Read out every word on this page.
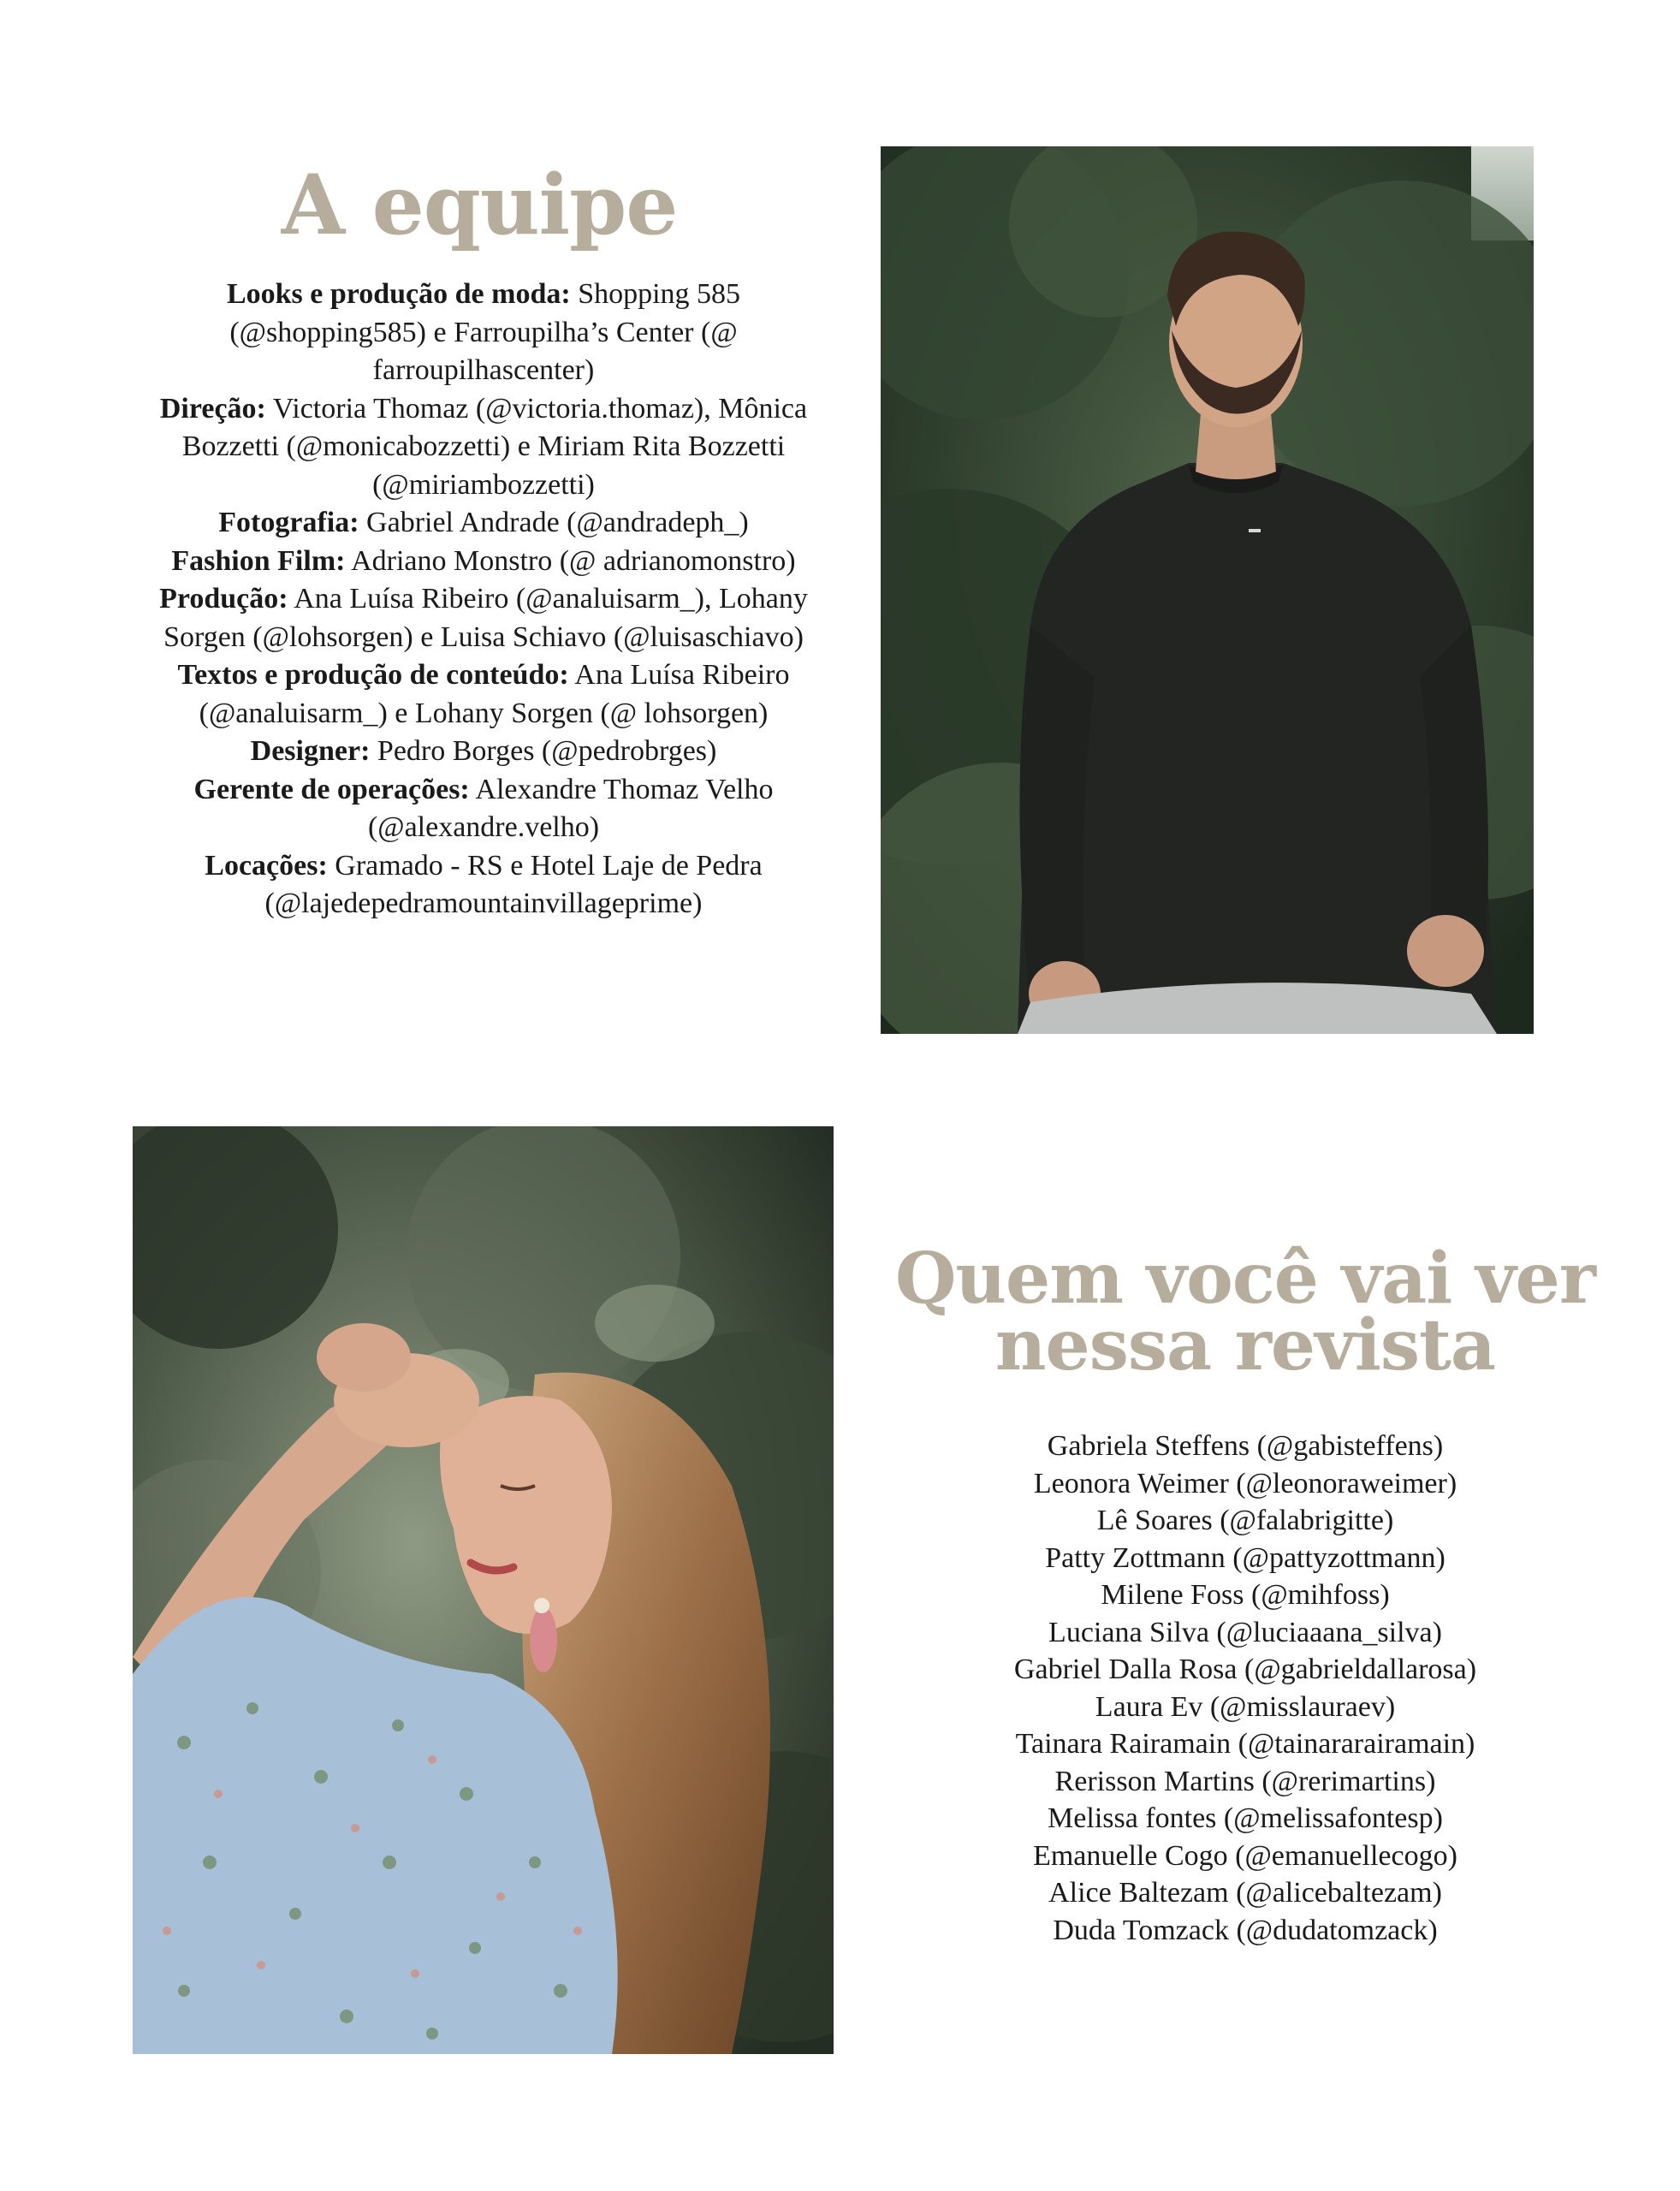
A equipe

Looks e produção de moda: Shopping 585 (@shopping585) e Farroupilha’s Center (@ farroupilhascenter)

Direção: Victoria Thomaz (@victoria.thomaz), Mônica Bozzetti (@monicabozzetti) e Miriam Rita Bozzetti (@miriambozzetti)

Fotografia: Gabriel Andrade (@andradeph_)

Fashion Film: Adriano Monstro (@ adrianomonstro)

Produção: Ana Luísa Ribeiro (@analuisarm_), Lohany Sorgen (@lohsorgen) e Luisa Schiavo (@luisaschiavo)

Textos e produção de conteúdo: Ana Luísa Ribeiro (@analuisarm_) e Lohany Sorgen (@ lohsorgen)

Designer: Pedro Borges (@pedrobrges)

Gerente de operações: Alexandre Thomaz Velho (@alexandre.velho)

Locações: Gramado - RS e Hotel Laje de Pedra (@lajedepedramountainvillageprime)

Quem você vai ver nessa revista
Gabriela Steffens (@gabisteffens)
Leonora Weimer (@leonoraweimer)
Lê Soares (@falabrigitte)
Patty Zottmann (@pattyzottmann)
Milene Foss (@mihfoss)
Luciana Silva (@luciaaana_silva)
Gabriel Dalla Rosa (@gabrieldallarosa)
Laura Ev (@misslauraev)
Tainara Rairamain (@tainararairamain)
Rerisson Martins (@rerimartins)
Melissa fontes (@melissafontesp)
Emanuelle Cogo (@emanuellecogo)
Alice Baltezam (@alicebaltezam)
Duda Tomzack (@dudatomzack)
